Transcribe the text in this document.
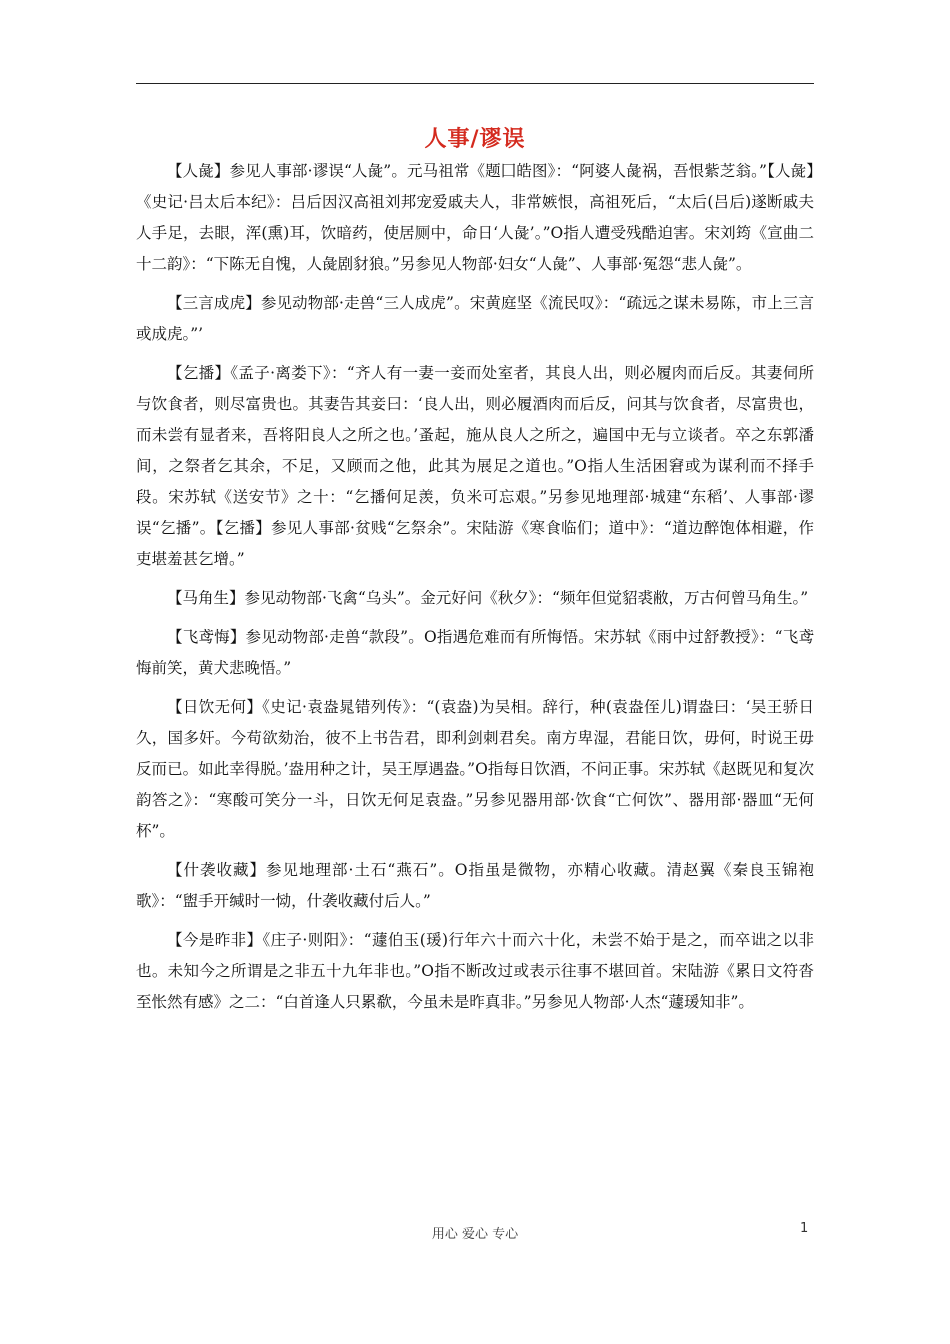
人事/谬误

【人彘】参见人事部·谬误“人彘”。元马祖常《题囗皓图》：“阿婆人彘祸，吾恨紫芝翁。”【人彘】《史记·吕太后本纪》：吕后因汉高祖刘邦宠爱戚夫人，非常嫉恨，高祖死后，“太后(吕后)遂断戚夫人手足，去眼，浑(熏)耳，饮暗药，使居厕中，命日‘人彘’。”O指人遭受残酷迫害。宋刘筠《宣曲二十二韵》：“下陈无自愧，人彘剧豺狼。”另参见人物部·妇女“人彘”、人事部·冤怨“悲人彘”。

【三言成虎】参见动物部·走兽“三人成虎”。宋黄庭坚《流民叹》：“疏远之谋未易陈，市上三言或成虎。”’

【乞播】《孟子·离娄下》：“齐人有一妻一妾而处室者，其良人出，则必履肉而后反。其妻伺所与饮食者，则尽富贵也。其妻告其妾曰：‘良人出，则必履酒肉而后反，问其与饮食者，尽富贵也，而未尝有显者来，吾将阳良人之所之也。’蚤起，施从良人之所之，遍国中无与立谈者。卒之东郭潘间，之祭者乞其余，不足，又顾而之他，此其为展足之道也。”O指人生活困窘或为谋利而不择手段。宋苏轼《送安节》之十：“乞播何足羡，负米可忘艰。”另参见地理部·城建“东稻’、人事部·谬误“乞播”。【乞播】参见人事部·贫贱“乞祭余”。宋陆游《寒食临们；道中》：“道边醉饱体相避，作吏堪羞甚乞增。”

【马角生】参见动物部·飞禽“乌头”。金元好问《秋夕》：“频年但觉貂裘敝，万古何曾马角生。”

【飞鸢悔】参见动物部·走兽“款段”。O指遇危难而有所悔悟。宋苏轼《雨中过舒教授》：“飞鸢悔前笑，黄犬悲晚悟。”

【日饮无何】《史记·袁盎晁错列传》：“(袁盎)为吴相。辞行，种(袁盎侄儿)谓盎曰：‘吴王骄日久，国多奸。今苟欲劾治，彼不上书告君，即利剑刺君矣。南方卑湿，君能日饮，毋何，时说王毋反而已。如此幸得脱。’盎用种之计，吴王厚遇盎。”O指每日饮酒，不问正事。宋苏轼《赵既见和复次韵答之》：“寒酸可笑分一斗，日饮无何足袁盎。”另参见器用部·饮食“亡何饮”、器用部·器皿“无何杯”。

【什袭收藏】参见地理部·土石“燕石”。O指虽是微物，亦精心收藏。清赵翼《秦良玉锦袍歌》：“盥手开缄时一恸，什袭收藏付后人。”

【今是昨非】《庄子·则阳》：“蘧伯玉(瑗)行年六十而六十化，未尝不始于是之，而卒诎之以非也。未知今之所谓是之非五十九年非也。”O指不断改过或表示往事不堪回首。宋陆游《累日文符沓至怅然有感》之二：“白首逢人只累欷，今虽未是昨真非。”另参见人物部·人杰“蘧瑗知非”。

用心 爱心 专心	1
